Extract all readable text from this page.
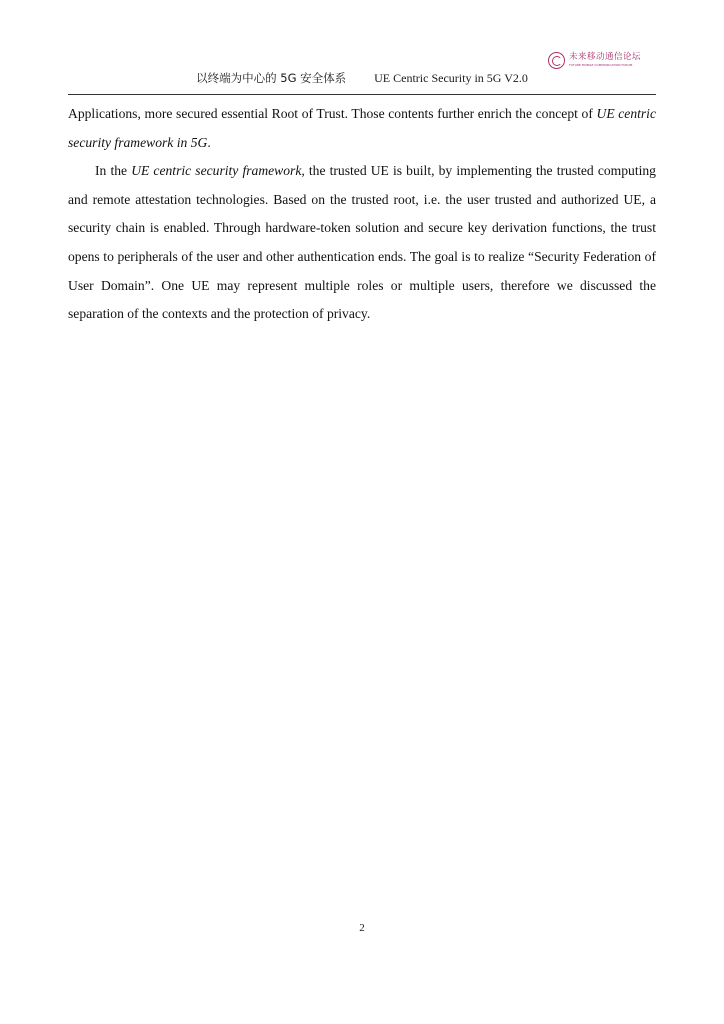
未来移动通信论坛
FUTURE MOBILE COMMUNICATION FORUM
以终端为中心的 5G 安全体系 UE Centric Security in 5G V2.0

Applications, more secured essential Root of Trust. Those contents further enrich the concept of UE centric security framework in 5G.

In the UE centric security framework, the trusted UE is built, by implementing the trusted computing and remote attestation technologies. Based on the trusted root, i.e. the user trusted and authorized UE, a security chain is enabled. Through hardware-token solution and secure key derivation functions, the trust opens to peripherals of the user and other authentication ends. The goal is to realize “Security Federation of User Domain”. One UE may represent multiple roles or multiple users, therefore we discussed the separation of the contexts and the protection of privacy.

2
